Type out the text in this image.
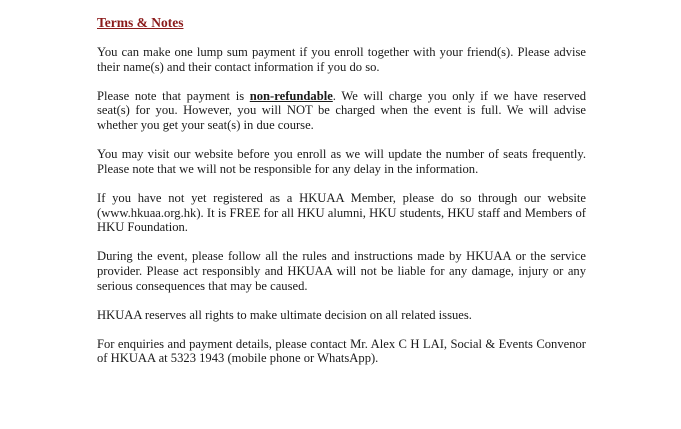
Terms & Notes

You can make one lump sum payment if you enroll together with your friend(s). Please advise their name(s) and their contact information if you do so.

Please note that payment is non-refundable. We will charge you only if we have reserved seat(s) for you. However, you will NOT be charged when the event is full. We will advise whether you get your seat(s) in due course.

You may visit our website before you enroll as we will update the number of seats frequently. Please note that we will not be responsible for any delay in the information.

If you have not yet registered as a HKUAA Member, please do so through our website (www.hkuaa.org.hk). It is FREE for all HKU alumni, HKU students, HKU staff and Members of HKU Foundation.

During the event, please follow all the rules and instructions made by HKUAA or the service provider. Please act responsibly and HKUAA will not be liable for any damage, injury or any serious consequences that may be caused.

HKUAA reserves all rights to make ultimate decision on all related issues.

For enquiries and payment details, please contact Mr. Alex C H LAI, Social & Events Convenor of HKUAA at 5323 1943 (mobile phone or WhatsApp).
